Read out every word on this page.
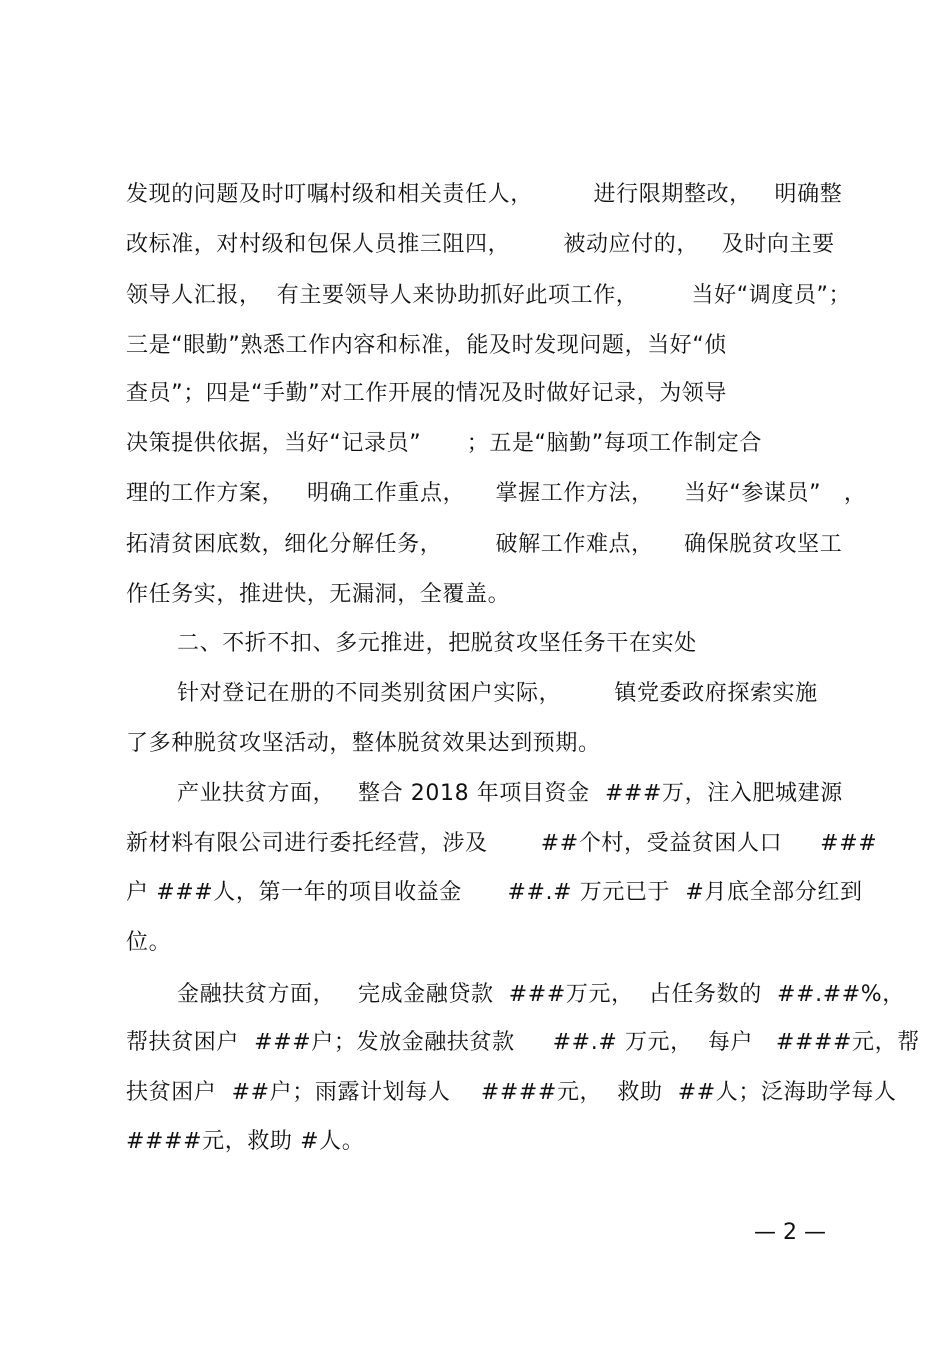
发现的问题及时叮嘱村级和相关责任人，        进行限期整改，   明确整
改标准，对村级和包保人员推三阻四，       被动应付的，   及时向主要
领导人汇报，  有主要领导人来协助抓好此项工作，       当好“调度员”；
三是“眼勤”熟悉工作内容和标准，能及时发现问题，当好“侦
查员”；四是“手勤”对工作开展的情况及时做好记录，为领导
决策提供依据，当好“记录员”      ；五是“脑勤”每项工作制定合
理的工作方案，   明确工作重点，    掌握工作方法，    当好“参谋员”   ，
拓清贫困底数，细化分解任务，       破解工作难点，    确保脱贫攻坚工
作任务实，推进快，无漏洞，全覆盖。
二、不折不扣、多元推进，把脱贫攻坚任务干在实处
针对登记在册的不同类别贫困户实际，       镇党委政府探索实施
了多种脱贫攻坚活动，整体脱贫效果达到预期。
产业扶贫方面，   整合 2018 年项目资金  ###万，注入肥城建源
新材料有限公司进行委托经营，涉及       ##个村，受益贫困人口     ###
户 ###人，第一年的项目收益金      ##.# 万元已于  #月底全部分红到
位。
金融扶贫方面，   完成金融贷款  ###万元，  占任务数的  ##.##%，
帮扶贫困户  ###户；发放金融扶贫款     ##.# 万元，  每户   ####元，帮
扶贫困户  ##户；雨露计划每人    ####元，  救助  ##人；泛海助学每人
####元，救助 #人。
— 2 —
